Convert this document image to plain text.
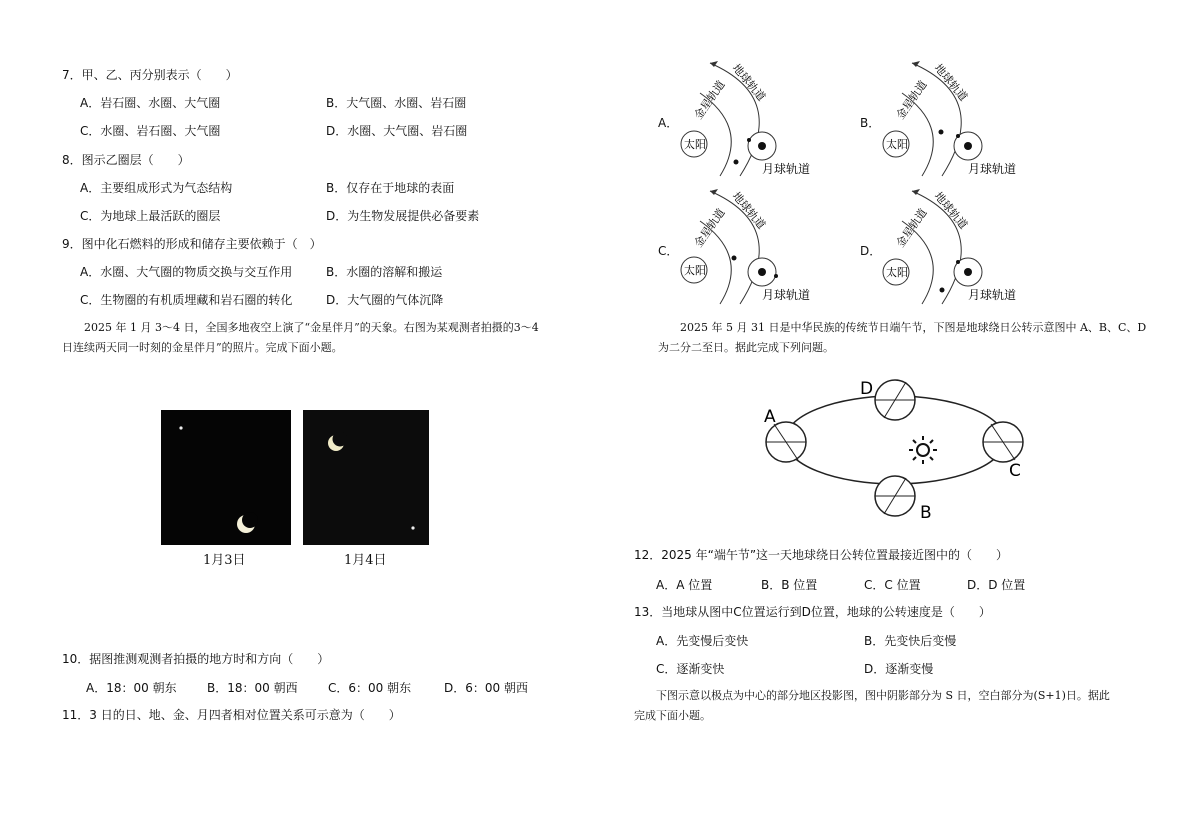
7．甲、乙、丙分别表示（　　）
A．岩石圈、水圈、大气圈	B．大气圈、水圈、岩石圈
C．水圈、岩石圈、大气圈	D．水圈、大气圈、岩石圈
8．图示乙圈层（　　）
A．主要组成形式为气态结构	B．仅存在于地球的表面
C．为地球上最活跃的圈层	D．为生物发展提供必备要素
9．图中化石燃料的形成和储存主要依赖于（　）
A．水圈、大气圈的物质交换与交互作用	B．水圈的溶解和搬运
C．生物圈的有机质埋藏和岩石圈的转化	D．大气圈的气体沉降
　　2025 年 1 月 3～4 日，全国多地夜空上演了“金星伴月”的天象。右图为某观测者拍摄的3～4
日连续两天同一时刻的金星伴月”的照片。完成下面小题。
1月3日	1月4日
10．据图推测观测者拍摄的地方时和方向（　　）
A．18：00 朝东	B．18：00 朝西	C．6：00 朝东	D．6：00 朝西
11．3 日的日、地、金、月四者相对位置关系可示意为（　　）
A．	B．
C．	D．
太阳
月球轨道
金星轨道 地球轨道
太阳
月球轨道
金星轨道 地球轨道
太阳
月球轨道
金星轨道 地球轨道
太阳
月球轨道
金星轨道 地球轨道
　　2025 年 5 月 31 日是中华民族的传统节日端午节，下图是地球绕日公转示意图中 A、B、C、D
为二分二至日。据此完成下列问题。
A
D
C
B
12．2025 年“端午节”这一天地球绕日公转位置最接近图中的（　　）
A．A 位置	B．B 位置	C．C 位置	D．D 位置
13．当地球从图中C位置运行到D位置，地球的公转速度是（　　）
A．先变慢后变快	B．先变快后变慢
C．逐渐变快	D．逐渐变慢
　　下图示意以极点为中心的部分地区投影图，图中阴影部分为 S 日，空白部分为(S+1)日。据此
完成下面小题。
